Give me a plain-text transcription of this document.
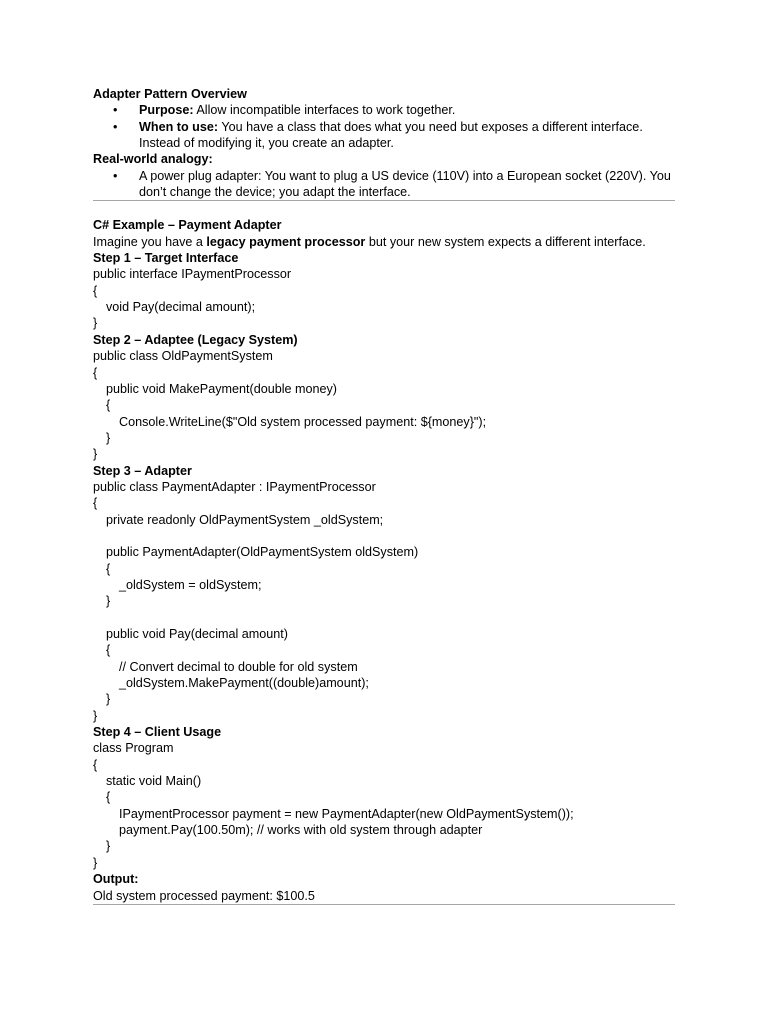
Adapter Pattern Overview
• Purpose: Allow incompatible interfaces to work together.
• When to use: You have a class that does what you need but exposes a different interface. Instead of modifying it, you create an adapter.
Real-world analogy:
• A power plug adapter: You want to plug a US device (110V) into a European socket (220V). You don’t change the device; you adapt the interface.
C# Example – Payment Adapter
Imagine you have a legacy payment processor but your new system expects a different interface.
Step 1 – Target Interface
public interface IPaymentProcessor
{
void Pay(decimal amount);
}
Step 2 – Adaptee (Legacy System)
public class OldPaymentSystem
{
public void MakePayment(double money)
{
Console.WriteLine($"Old system processed payment: ${money}");
}
}
Step 3 – Adapter
public class PaymentAdapter : IPaymentProcessor
{
private readonly OldPaymentSystem _oldSystem;
public PaymentAdapter(OldPaymentSystem oldSystem)
{
_oldSystem = oldSystem;
}
public void Pay(decimal amount)
{
// Convert decimal to double for old system
_oldSystem.MakePayment((double)amount);
}
}
Step 4 – Client Usage
class Program
{
static void Main()
{
IPaymentProcessor payment = new PaymentAdapter(new OldPaymentSystem());
payment.Pay(100.50m); // works with old system through adapter
}
}
Output:
Old system processed payment: $100.5
